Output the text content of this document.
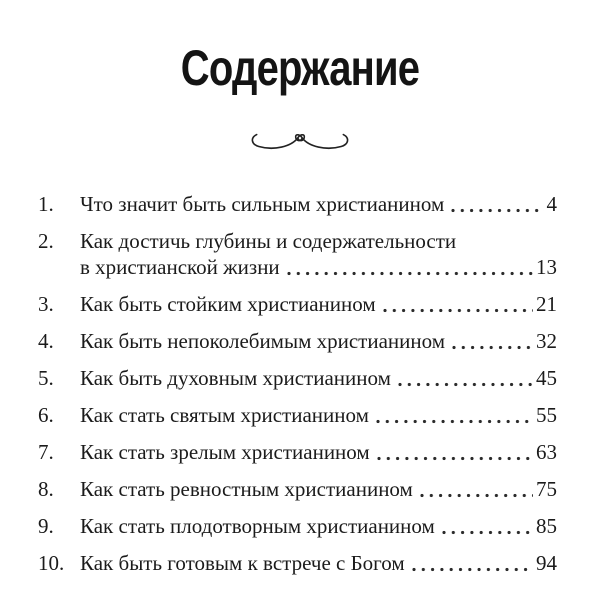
Содержание
1.	Что значит быть сильным христианином	4
2.	Как достичь глубины и содержательности
в христианской жизни	13
3.	Как быть стойким христианином	21
4.	Как быть непоколебимым христианином	32
5.	Как быть духовным христианином	45
6.	Как стать святым христианином	55
7.	Как стать зрелым христианином	63
8.	Как стать ревностным христианином	75
9.	Как стать плодотворным христианином	85
10. Как быть готовым к встрече с Богом	94
